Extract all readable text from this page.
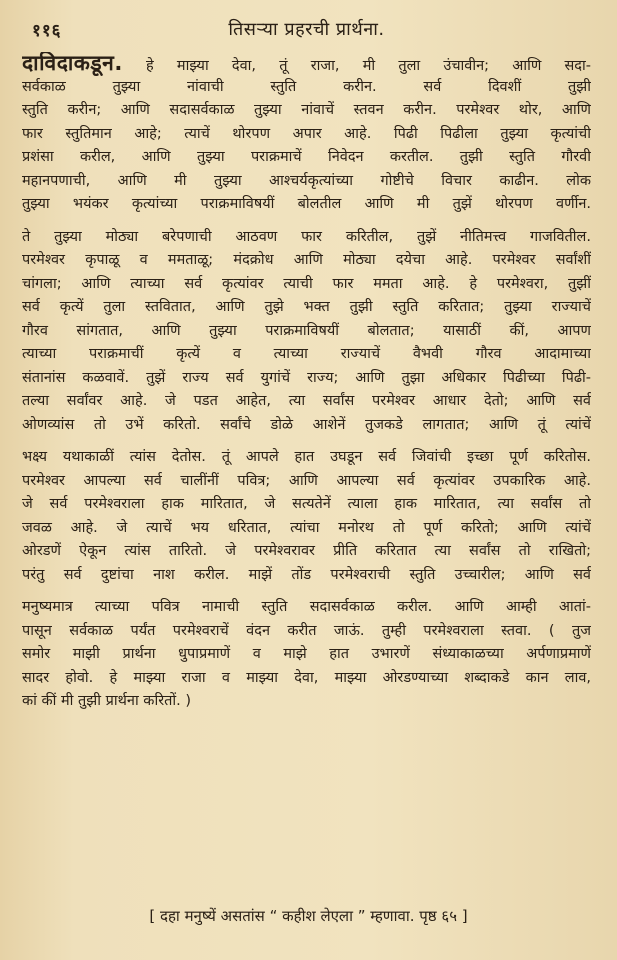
११६	तिसऱ्या प्रहरची प्रार्थना.
दाविदाकडून. हे माझ्या देवा, तूं राजा, मी तुला उंचावीन; आणि सदा-
सर्वकाळ तुझ्या नांवाची स्तुति करीन. सर्व दिवशीं तुझी
स्तुति करीन; आणि सदासर्वकाळ तुझ्या नांवाचें स्तवन करीन. परमेश्वर थोर, आणि
फार स्तुतिमान आहे; त्याचें थोरपण अपार आहे. पिढी पिढीला तुझ्या कृत्यांची
प्रशंसा करील, आणि तुझ्या पराक्रमाचें निवेदन करतील. तुझी स्तुति गौरवी
महानपणाची, आणि मी तुझ्या आश्चर्यकृत्यांच्या गोष्टीचे विचार काढीन. लोक
तुझ्या भयंकर कृत्यांच्या पराक्रमाविषयीं बोलतील आणि मी तुझें थोरपण वर्णीन.
ते तुझ्या मोठ्या बरेपणाची आठवण फार करितील, तुझें नीतिमत्त्व गाजवितील.
परमेश्वर कृपाळू व ममताळू; मंदक्रोध आणि मोठ्या दयेचा आहे. परमेश्वर सर्वांशीं
चांगला; आणि त्याच्या सर्व कृत्यांवर त्याची फार ममता आहे. हे परमेश्वरा, तुझीं
सर्व कृत्यें तुला स्तवितात, आणि तुझे भक्त तुझी स्तुति करितात; तुझ्या राज्याचें
गौरव सांगतात, आणि तुझ्या पराक्रमाविषयीं बोलतात; यासाठीं कीं, आपण
त्याच्या पराक्रमाचीं कृत्यें व त्याच्या राज्याचें वैभवी गौरव आदामाच्या
संतानांस कळवावें. तुझें राज्य सर्व युगांचें राज्य; आणि तुझा अधिकार पिढीच्या पिढी-
तल्या सर्वांवर आहे. जे पडत आहेत, त्या सर्वांस परमेश्वर आधार देतो; आणि सर्व
ओणव्यांस तो उभें करितो. सर्वांचे डोळे आशेनें तुजकडे लागतात; आणि तूं त्यांचें
भक्ष्य यथाकाळीं त्यांस देतोस. तूं आपले हात उघडून सर्व जिवांची इच्छा पूर्ण करितोस.
परमेश्वर आपल्या सर्व चालींनीं पवित्र; आणि आपल्या सर्व कृत्यांवर उपकारिक आहे.
जे सर्व परमेश्वराला हाक मारितात, जे सत्यतेनें त्याला हाक मारितात, त्या सर्वांस तो
जवळ आहे. जे त्याचें भय धरितात, त्यांचा मनोरथ तो पूर्ण करितो; आणि त्यांचें
ओरडणें ऐकून त्यांस तारितो. जे परमेश्वरावर प्रीति करितात त्या सर्वांस तो राखितो;
परंतु सर्व दुष्टांचा नाश करील. माझें तोंड परमेश्वराची स्तुति उच्चारील; आणि सर्व
मनुष्यमात्र त्याच्या पवित्र नामाची स्तुति सदासर्वकाळ करील. आणि आम्ही आतां-
पासून सर्वकाळ पर्यंत परमेश्वराचें वंदन करीत जाऊं. तुम्ही परमेश्वराला स्तवा. ( तुज
समोर माझी प्रार्थना धुपाप्रमाणें व माझे हात उभारणें संध्याकाळच्या अर्पणाप्रमाणें
सादर होवो. हे माझ्या राजा व माझ्या देवा, माझ्या ओरडण्याच्या शब्दाकडे कान लाव,
कां कीं मी तुझी प्रार्थना करितों. )
[ दहा मनुष्यें असतांस “ कहीश लेएला ” म्हणावा. पृष्ठ ६५ ]
